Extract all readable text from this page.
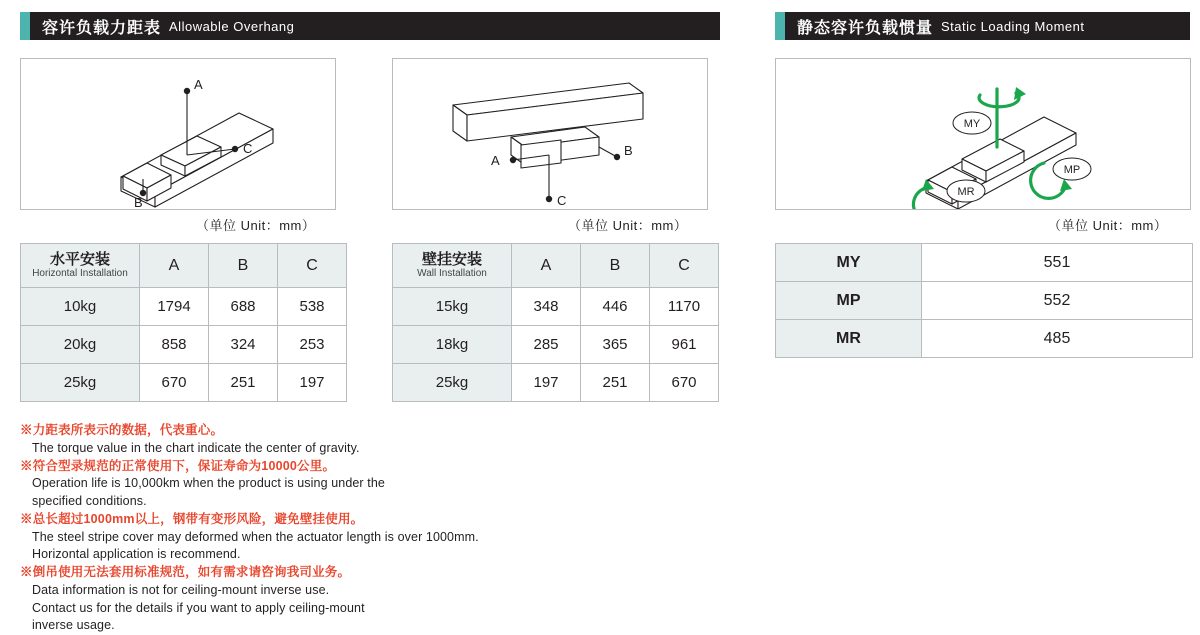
容许负载力距表 Allowable Overhang	静态容许负载惯量 Static Loading Moment
A
B
C
A
B
C
MY
MP
MR
（单位 Unit：mm）	（单位 Unit：mm）	（单位 Unit：mm）
水平安装
Horizontal Installation	A	B	C
10kg	1794	688	538
20kg	858	324	253
25kg	670	251	197
壁挂安装
Wall Installation	A	B	C
15kg	348	446	1170
18kg	285	365	961
25kg	197	251	670
MY	551
MP	552
MR	485
※力距表所表示的数据，代表重心。
The torque value in the chart indicate the center of gravity.
※符合型录规范的正常使用下，保证寿命为10000公里。
Operation life is 10,000km when the product is using under the
specified conditions.
※总长超过1000mm以上，钢带有变形风险，避免壁挂使用。
The steel stripe cover may deformed when the actuator length is over 1000mm.
Horizontal application is recommend.
※倒吊使用无法套用标准规范，如有需求请咨询我司业务。
Data information is not for ceiling-mount inverse use.
Contact us for the details if you want to apply ceiling-mount
inverse usage.
